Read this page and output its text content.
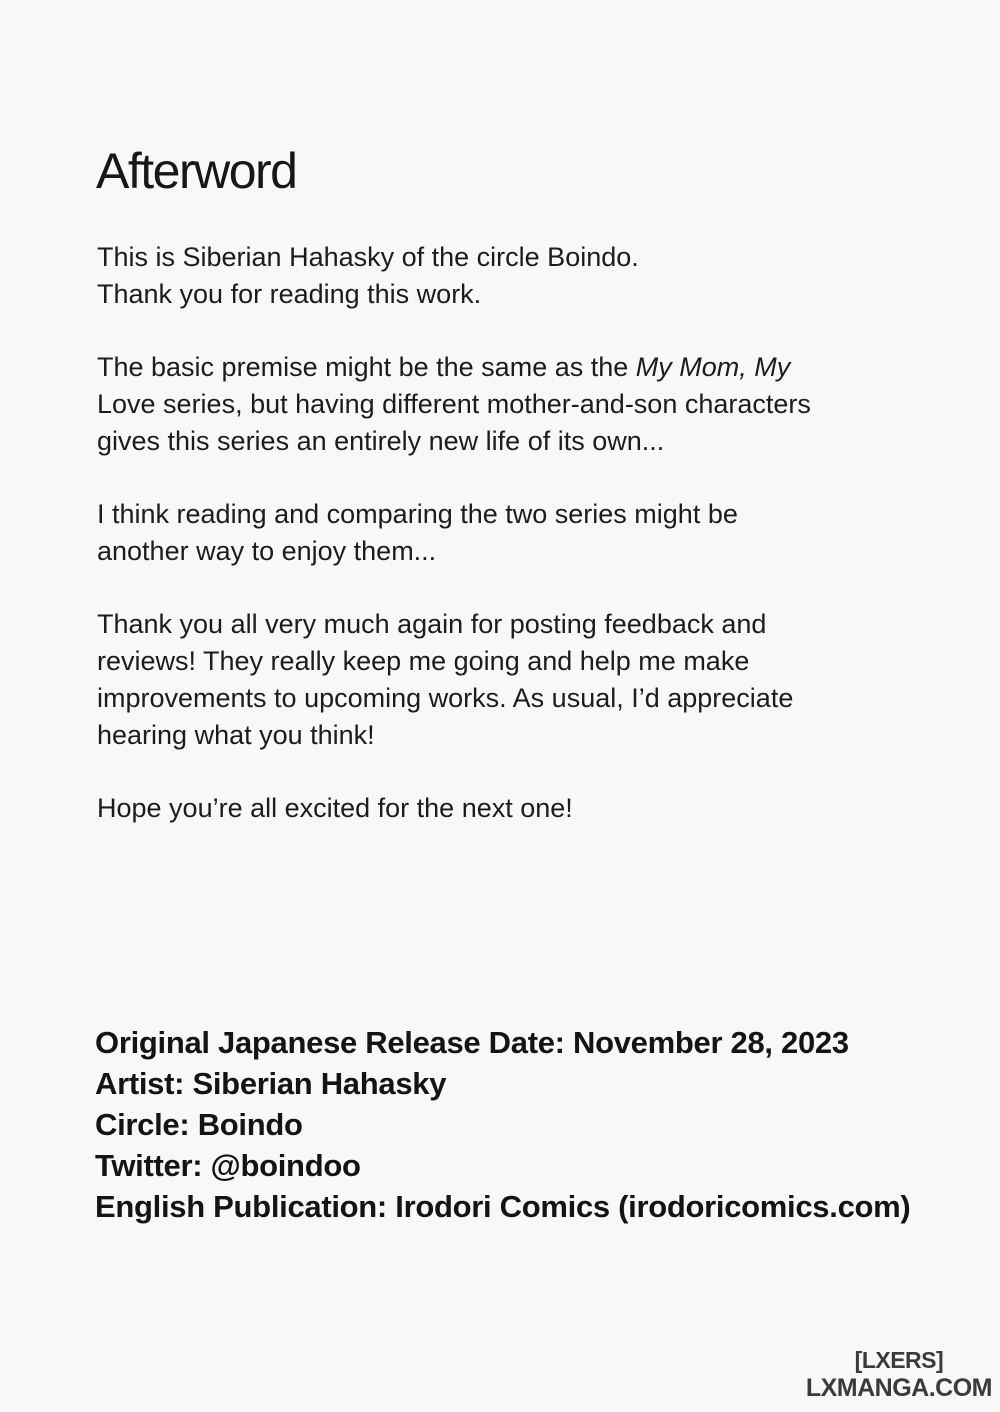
Afterword

This is Siberian Hahasky of the circle Boindo.
Thank you for reading this work.

The basic premise might be the same as the My Mom, My
Love series, but having different mother-and-son characters
gives this series an entirely new life of its own...

I think reading and comparing the two series might be
another way to enjoy them...

Thank you all very much again for posting feedback and
reviews! They really keep me going and help me make
improvements to upcoming works. As usual, I’d appreciate
hearing what you think!

Hope you’re all excited for the next one!

Original Japanese Release Date: November 28, 2023
Artist: Siberian Hahasky
Circle: Boindo
Twitter: @boindoo
English Publication: Irodori Comics (irodoricomics.com)
[LXERS]
LXMANGA.COM
